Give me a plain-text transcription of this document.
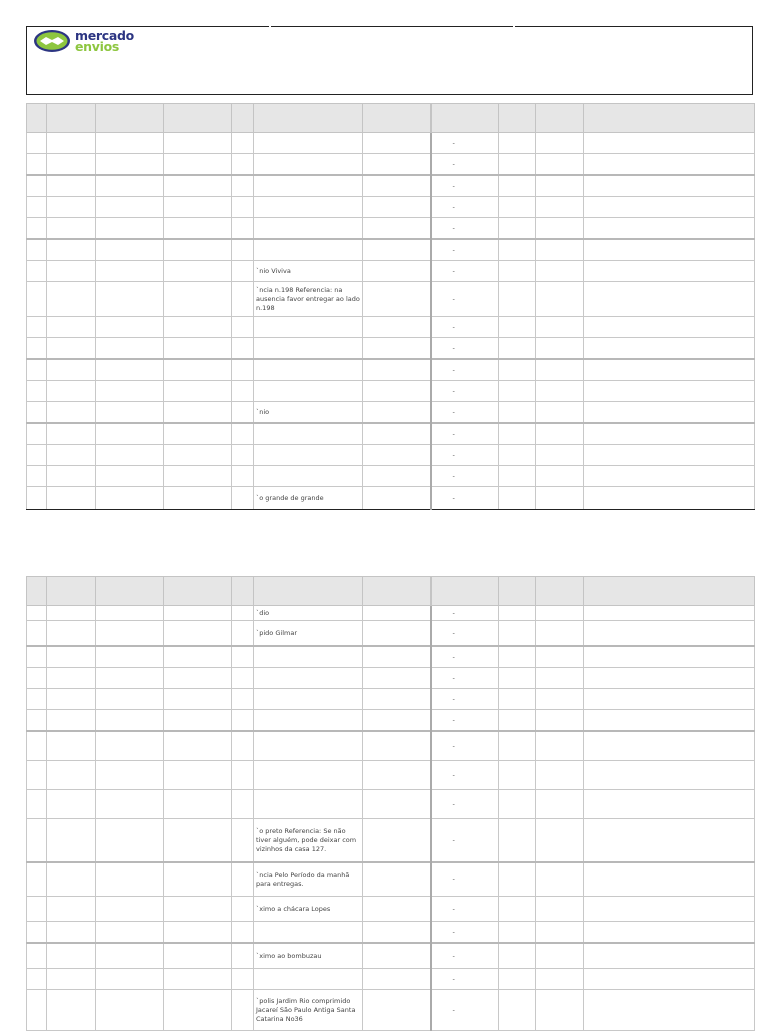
mercado
envios

							-			
							-			
							-			
							-			
							-			
							-			
					`nio Viviva		-			
					`ncia n.198 Referencia: na ausencia favor entregar ao lado n.198		-			
							-			
							-			
							-			
							-			
					`nio		-			
							-			
							-			
							-			
					`o grande de grande		-			

					`dio		-			
					`pido Gilmar		-			
							-			
							-			
							-			
							-			
							-			
							-			
							-			
					`o preto Referencia: Se não tiver alguém, pode deixar com vizinhos da casa 127.		-			
					`ncia Pelo Período da manhã para entregas.		-			
					`ximo a chácara Lopes		-			
							-			
					`ximo ao bombuzau		-			
							-			
					`polis Jardim Rio comprimido Jacareí São Paulo Antiga Santa Catarina No36		-			
